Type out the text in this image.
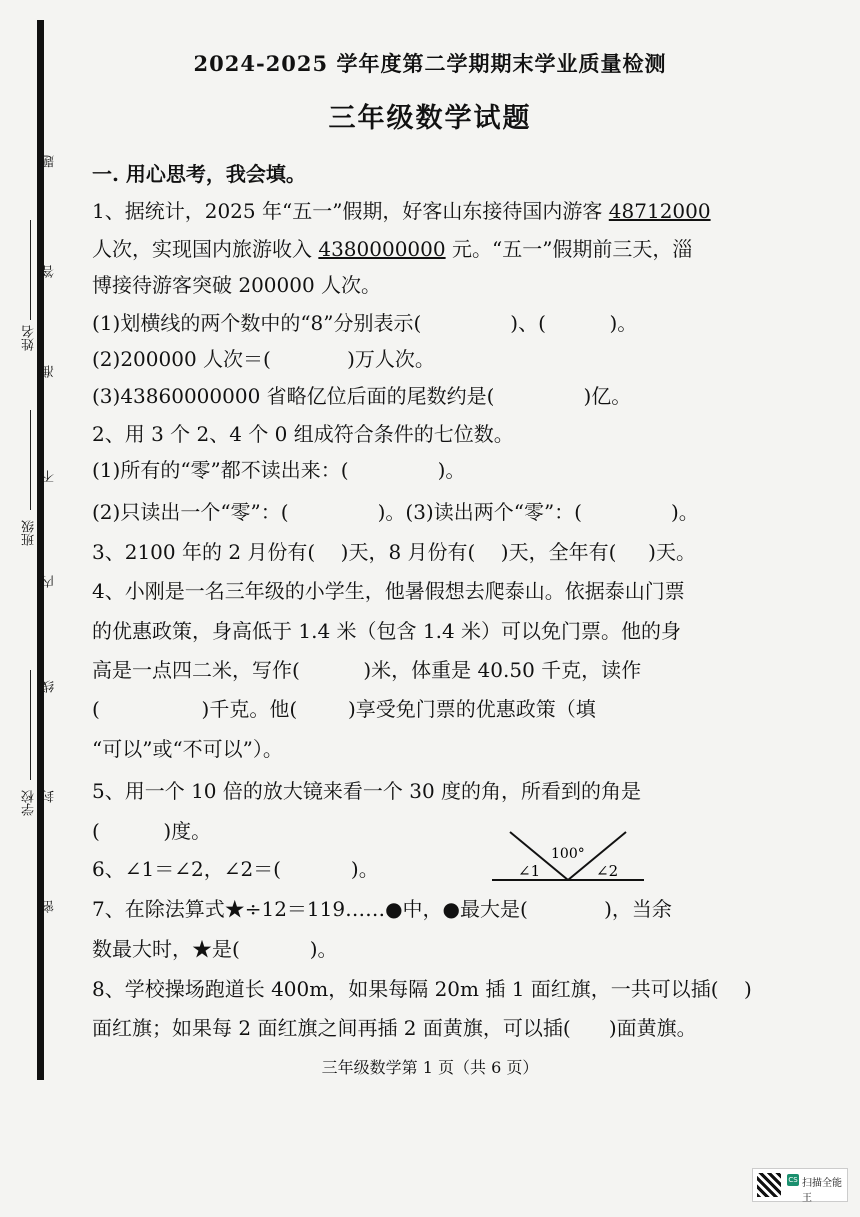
学校
班级
姓名
题
答
准
不
内
线
封
密
2024-2025 学年度第二学期期末学业质量检测
三年级数学试题
一. 用心思考，我会填。
1、据统计，2025 年“五一”假期，好客山东接待国内游客 48712000
人次，实现国内旅游收入 4380000000 元。“五一”假期前三天，淄
博接待游客突破 200000 人次。
(1)划横线的两个数中的“8”分别表示(              )、(          )。
(2)200000 人次＝(            )万人次。
(3)43860000000 省略亿位后面的尾数约是(              )亿。
2、用 3 个 2、4 个 0 组成符合条件的七位数。
(1)所有的“零”都不读出来：(              )。
(2)只读出一个“零”：(              )。(3)读出两个“零”：(              )。
3、2100 年的 2 月份有(    )天，8 月份有(    )天，全年有(     )天。
4、小刚是一名三年级的小学生，他暑假想去爬泰山。依据泰山门票
的优惠政策，身高低于 1.4 米（包含 1.4 米）可以免门票。他的身
高是一点四二米，写作(          )米，体重是 40.50 千克，读作
(                )千克。他(        )享受免门票的优惠政策（填
“可以”或“不可以”）。
5、用一个 10 倍的放大镜来看一个 30 度的角，所看到的角是
(          )度。
6、∠1＝∠2，∠2＝(           )。
7、在除法算式★÷12＝119……●中，●最大是(            )，当余
数最大时，★是(           )。
8、学校操场跑道长 400m，如果每隔 20m 插 1 面红旗，一共可以插(    )
面红旗；如果每 2 面红旗之间再插 2 面黄旗，可以插(      )面黄旗。
100°
∠1	∠2
三年级数学第 1 页（共 6 页）
CS 扫描全能王
